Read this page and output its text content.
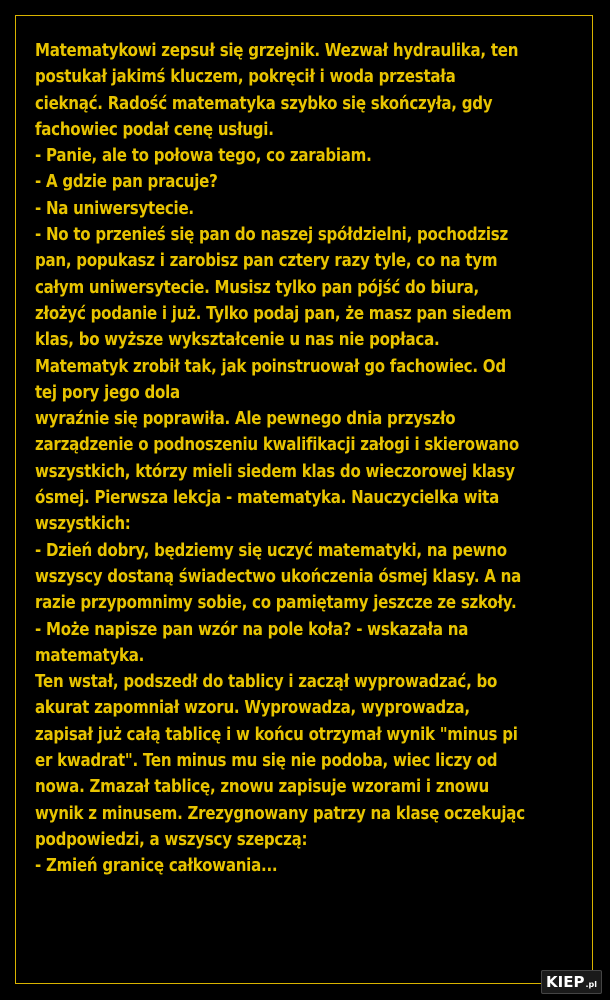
Matematykowi zepsuł się grzejnik. Wezwał hydraulika, ten
postukał jakimś kluczem, pokręcił i woda przestała
cieknąć. Radość matematyka szybko się skończyła, gdy
fachowiec podał cenę usługi.
- Panie, ale to połowa tego, co zarabiam.
- A gdzie pan pracuje?
- Na uniwersytecie.
- No to przenieś się pan do naszej spółdzielni, pochodzisz
pan, popukasz i zarobisz pan cztery razy tyle, co na tym
całym uniwersytecie. Musisz tylko pan pójść do biura,
złożyć podanie i już. Tylko podaj pan, że masz pan siedem
klas, bo wyższe wykształcenie u nas nie popłaca.
Matematyk zrobił tak, jak poinstruował go fachowiec. Od
tej pory jego dola
wyraźnie się poprawiła. Ale pewnego dnia przyszło
zarządzenie o podnoszeniu kwalifikacji załogi i skierowano
wszystkich, którzy mieli siedem klas do wieczorowej klasy
ósmej. Pierwsza lekcja - matematyka. Nauczycielka wita
wszystkich:
- Dzień dobry, będziemy się uczyć matematyki, na pewno
wszyscy dostaną świadectwo ukończenia ósmej klasy. A na
razie przypomnimy sobie, co pamiętamy jeszcze ze szkoły.
- Może napisze pan wzór na pole koła? - wskazała na
matematyka.
Ten wstał, podszedł do tablicy i zaczął wyprowadzać, bo
akurat zapomniał wzoru. Wyprowadza, wyprowadza,
zapisał już całą tablicę i w końcu otrzymał wynik "minus pi
er kwadrat". Ten minus mu się nie podoba, wiec liczy od
nowa. Zmazał tablicę, znowu zapisuje wzorami i znowu
wynik z minusem. Zrezygnowany patrzy na klasę oczekując
podpowiedzi, a wszyscy szepczą:
- Zmień granicę całkowania...
KIEP .pl
